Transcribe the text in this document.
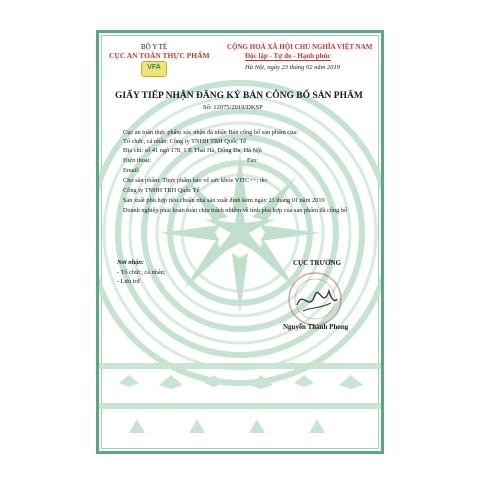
BỘ Y TẾ
CỤC AN TOÀN THỰC PHẨM
VFA
CỘNG HOÀ XÃ HỘI CHỦ NGHĨA VIỆT NAM
Độc lập - Tự do - Hạnh phúc
Hà Nội, ngày 23 tháng 02 năm 2019
GIẤY TIẾP NHẬN ĐĂNG KÝ BẢN CÔNG BỐ SẢN PHẨM
Số: 12075/2019/DKSP
Cục an toàn thực phẩm xác nhận đã nhận Bản công bố sản phẩm của:
Tổ chức, cá nhân: Công ty TNHH TRH Quốc Tế
Địa chỉ: số 41 ngõ 178, 1 P. Thái Hà, Đống Đa, Hà Nội
Điện thoại:	Fax:
Email:
Cho sản phẩm: Thực phẩm bảo vệ sức khỏe VITC++; do:
Công ty TNHH TRH Quốc Tế
Sản xuất phù hợp tiêu chuẩn nhà sản xuất đính kèm ngày 23 tháng 01 năm 2019
Doanh nghiệp phải hoàn toàn chịu trách nhiệm về tính phù hợp của sản phẩm đã công bố
Nơi nhận:
- Tổ chức, cá nhân;
- Lưu trữ
CỤC TRƯỞNG
Nguyễn Thanh Phong
